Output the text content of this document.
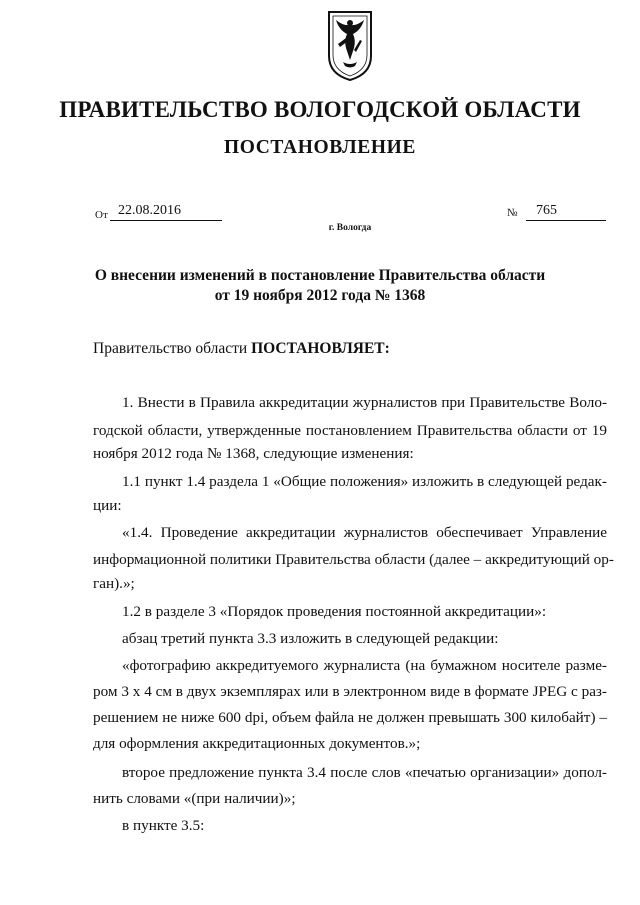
ПРАВИТЕЛЬСТВО ВОЛОГОДСКОЙ ОБЛАСТИ
ПОСТАНОВЛЕНИЕ
От 22.08.2016	№	765
г. Вологда
О внесении изменений в постановление Правительства области
от 19 ноября 2012 года № 1368
Правительство области ПОСТАНОВЛЯЕТ:
1. Внести в Правила аккредитации журналистов при Правительстве Воло-
годской области, утвержденные постановлением Правительства области от 19
ноября 2012 года № 1368, следующие изменения:
1.1 пункт 1.4 раздела 1 «Общие положения» изложить в следующей редак-
ции:
«1.4. Проведение аккредитации журналистов обеспечивает Управление
информационной политики Правительства области (далее – аккредитующий ор-
ган).»;
1.2 в разделе 3 «Порядок проведения постоянной аккредитации»:
абзац третий пункта 3.3 изложить в следующей редакции:
«фотографию аккредитуемого журналиста (на бумажном носителе разме-
ром 3 х 4 см в двух экземплярах или в электронном виде в формате JPEG с раз-
решением не ниже 600 dpi, объем файла не должен превышать 300 килобайт) –
для оформления аккредитационных документов.»;
второе предложение пункта 3.4 после слов «печатью организации» допол-
нить словами «(при наличии)»;
в пункте 3.5:
